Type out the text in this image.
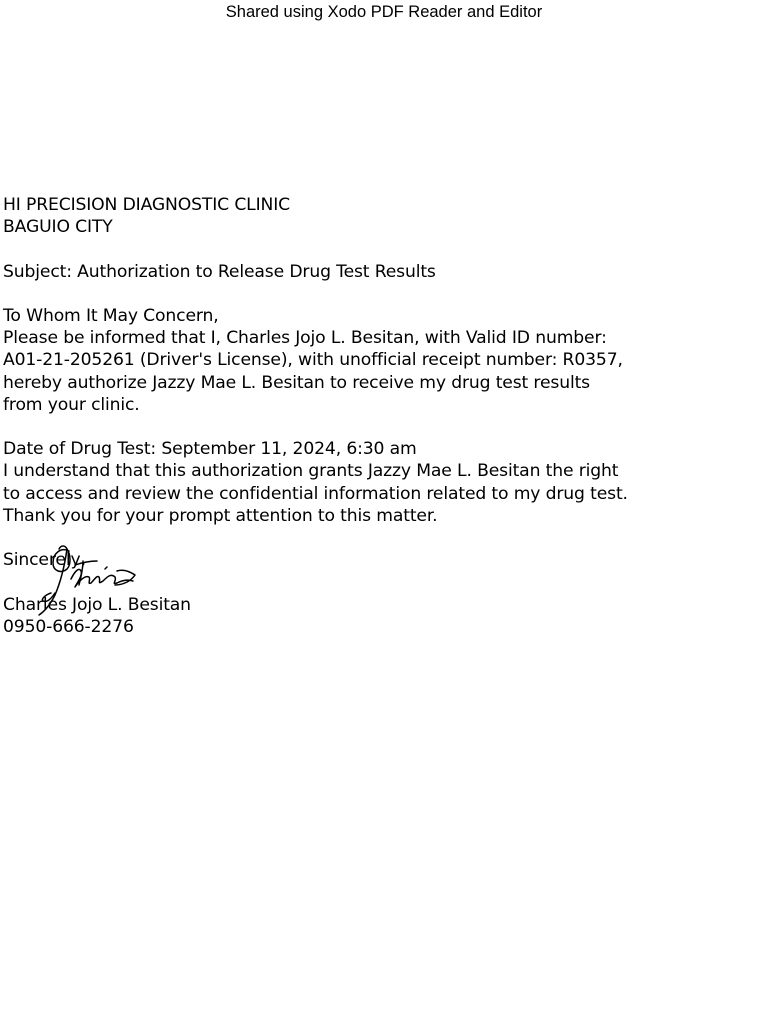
Shared using Xodo PDF Reader and Editor
HI PRECISION DIAGNOSTIC CLINIC
BAGUIO CITY
Subject: Authorization to Release Drug Test Results
To Whom It May Concern,
Please be informed that I, Charles Jojo L. Besitan, with Valid ID number:
A01-21-205261 (Driver's License), with unofficial receipt number: R0357,
hereby authorize Jazzy Mae L. Besitan to receive my drug test results
from your clinic.
Date of Drug Test: September 11, 2024, 6:30 am
I understand that this authorization grants Jazzy Mae L. Besitan the right
to access and review the confidential information related to my drug test.
Thank you for your prompt attention to this matter.
Sincerely,
Charles Jojo L. Besitan
0950-666-2276
